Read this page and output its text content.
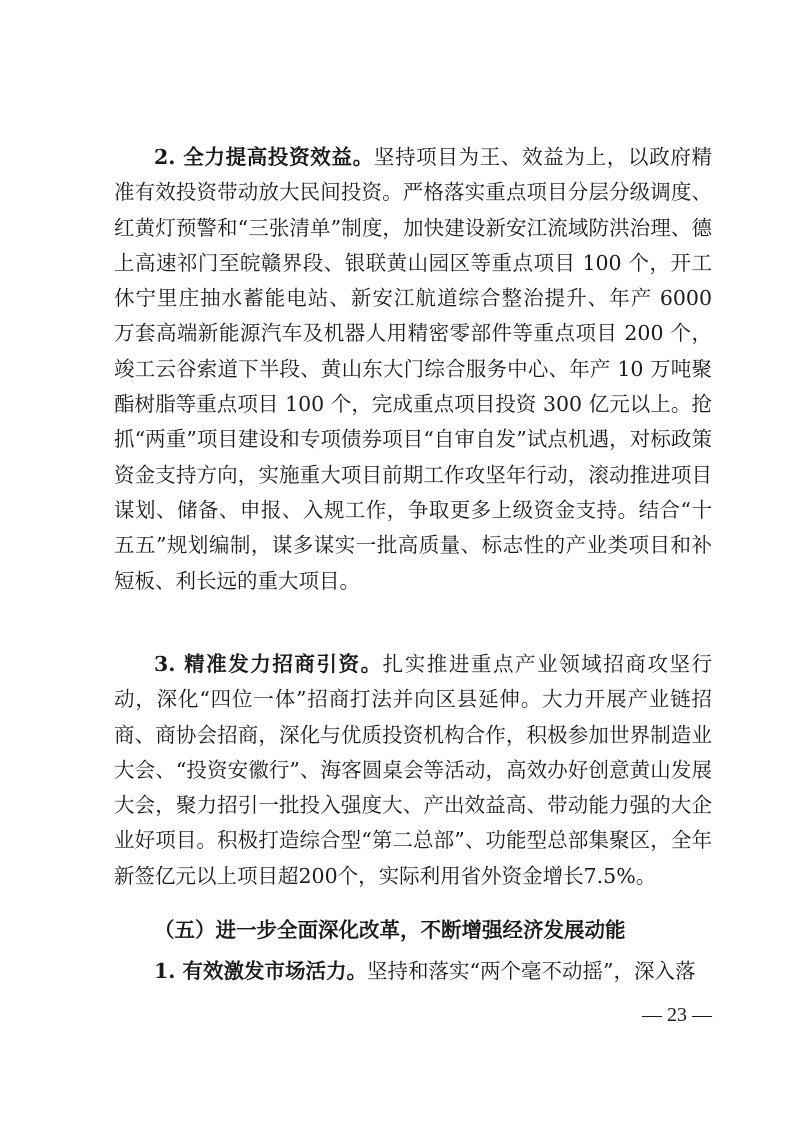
2. 全力提高投资效益。坚持项目为王、效益为上，以政府精准有效投资带动放大民间投资。严格落实重点项目分层分级调度、红黄灯预警和“三张清单”制度，加快建设新安江流域防洪治理、德上高速祁门至皖赣界段、银联黄山园区等重点项目 100 个，开工休宁里庄抽水蓄能电站、新安江航道综合整治提升、年产 6000 万套高端新能源汽车及机器人用精密零部件等重点项目 200 个，竣工云谷索道下半段、黄山东大门综合服务中心、年产 10 万吨聚酯树脂等重点项目 100 个，完成重点项目投资 300 亿元以上。抢抓“两重”项目建设和专项债券项目“自审自发”试点机遇，对标政策资金支持方向，实施重大项目前期工作攻坚年行动，滚动推进项目谋划、储备、申报、入规工作，争取更多上级资金支持。结合“十五五”规划编制，谋多谋实一批高质量、标志性的产业类项目和补短板、利长远的重大项目。

3. 精准发力招商引资。扎实推进重点产业领域招商攻坚行动，深化“四位一体”招商打法并向区县延伸。大力开展产业链招商、商协会招商，深化与优质投资机构合作，积极参加世界制造业大会、“投资安徽行”、海客圆桌会等活动，高效办好创意黄山发展大会，聚力招引一批投入强度大、产出效益高、带动能力强的大企业好项目。积极打造综合型“第二总部”、功能型总部集聚区，全年新签亿元以上项目超200个，实际利用省外资金增长7.5%。

（五）进一步全面深化改革，不断增强经济发展动能

1. 有效激发市场活力。坚持和落实“两个毫不动摇”，深入落

— 23 —
